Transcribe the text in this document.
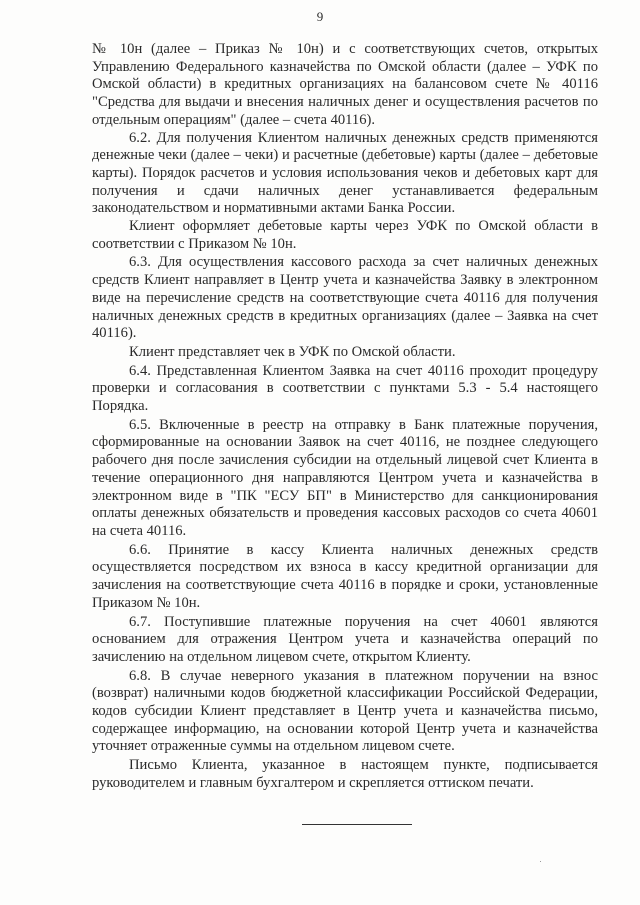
9

№ 10н (далее – Приказ № 10н) и с соответствующих счетов, открытых Управлению Федерального казначейства по Омской области (далее – УФК по Омской области) в кредитных организациях на балансовом счете № 40116 "Средства для выдачи и внесения наличных денег и осуществления расчетов по отдельным операциям" (далее – счета 40116).

6.2. Для получения Клиентом наличных денежных средств применяются денежные чеки (далее – чеки) и расчетные (дебетовые) карты (далее – дебетовые карты). Порядок расчетов и условия использования чеков и дебетовых карт для получения и сдачи наличных денег устанавливается федеральным законодательством и нормативными актами Банка России.

Клиент оформляет дебетовые карты через УФК по Омской области в соответствии с Приказом № 10н.

6.3. Для осуществления кассового расхода за счет наличных денежных средств Клиент направляет в Центр учета и казначейства Заявку в электронном виде на перечисление средств на соответствующие счета 40116 для получения наличных денежных средств в кредитных организациях (далее – Заявка на счет 40116).

Клиент представляет чек в УФК по Омской области.

6.4. Представленная Клиентом Заявка на счет 40116 проходит процедуру проверки и согласования в соответствии с пунктами 5.3 - 5.4 настоящего Порядка.

6.5. Включенные в реестр на отправку в Банк платежные поручения, сформированные на основании Заявок на счет 40116, не позднее следующего рабочего дня после зачисления субсидии на отдельный лицевой счет Клиента в течение операционного дня направляются Центром учета и казначейства в электронном виде в "ПК "ЕСУ БП" в Министерство для санкционирования оплаты денежных обязательств и проведения кассовых расходов со счета 40601 на счета 40116.

6.6. Принятие в кассу Клиента наличных денежных средств осуществляется посредством их взноса в кассу кредитной организации для зачисления на соответствующие счета 40116 в порядке и сроки, установленные Приказом № 10н.

6.7. Поступившие платежные поручения на счет 40601 являются основанием для отражения Центром учета и казначейства операций по зачислению на отдельном лицевом счете, открытом Клиенту.

6.8. В случае неверного указания в платежном поручении на взнос (возврат) наличными кодов бюджетной классификации Российской Федерации, кодов субсидии Клиент представляет в Центр учета и казначейства письмо, содержащее информацию, на основании которой Центр учета и казначейства уточняет отраженные суммы на отдельном лицевом счете.

Письмо Клиента, указанное в настоящем пункте, подписывается руководителем и главным бухгалтером и скрепляется оттиском печати.
